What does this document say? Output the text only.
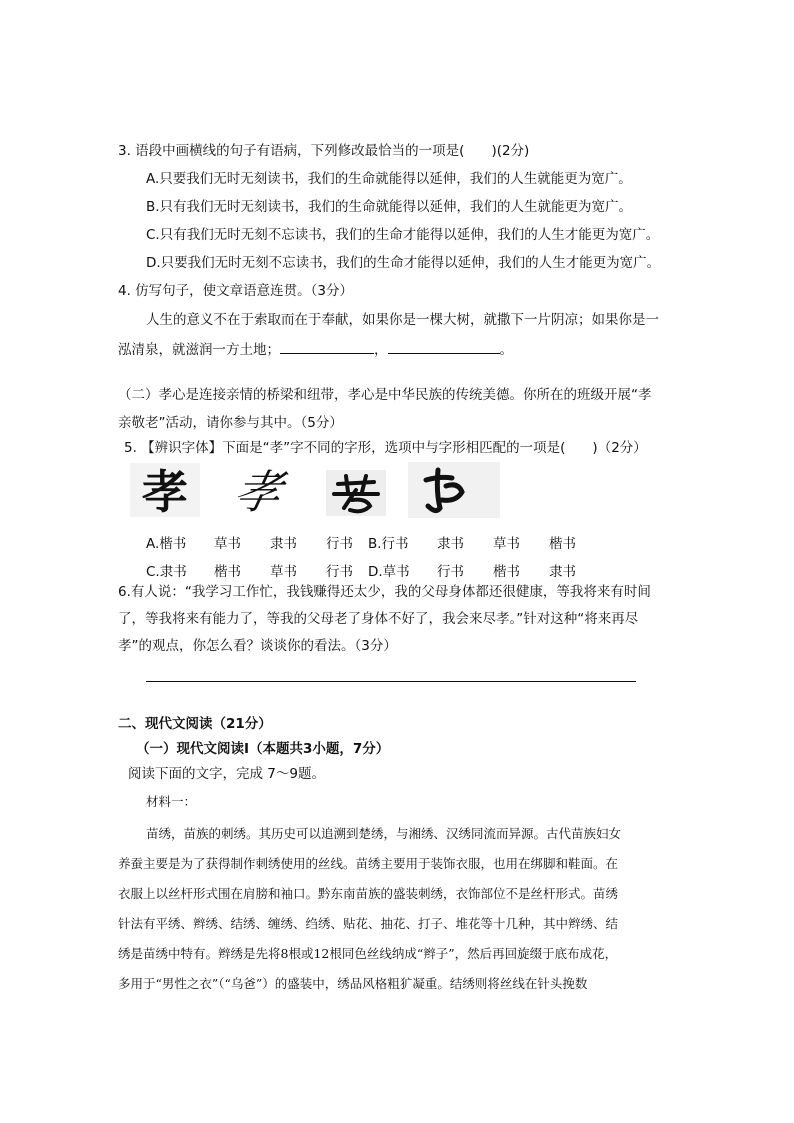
3. 语段中画横线的句子有语病，下列修改最恰当的一项是(　　)(2分)
A.只要我们无时无刻读书，我们的生命就能得以延伸，我们的人生就能更为宽广。
B.只有我们无时无刻读书，我们的生命就能得以延伸，我们的人生就能更为宽广。
C.只有我们无时无刻不忘读书，我们的生命才能得以延伸，我们的人生才能更为宽广。
D.只要我们无时无刻不忘读书，我们的生命才能得以延伸，我们的人生才能更为宽广。
4. 仿写句子，使文章语意连贯。（3分）
人生的意义不在于索取而在于奉献，如果你是一棵大树，就撒下一片阴凉；如果你是一
泓清泉，就滋润一方土地；	，	。
（二）孝心是连接亲情的桥梁和纽带，孝心是中华民族的传统美德。你所在的班级开展“孝
亲敬老”活动，请你参与其中。（5分）
5. 【辨识字体】下面是“孝”字不同的字形，选项中与字形相匹配的一项是(　　)（2分）
孝 孝
A.楷书 草书 隶书 行书 B.行书 隶书 草书 楷书
C.隶书 楷书 草书 行书 D.草书 行书 楷书 隶书
6.有人说：“我学习工作忙，我钱赚得还太少，我的父母身体都还很健康，等我将来有时间
了，等我将来有能力了，等我的父母老了身体不好了，我会来尽孝。”针对这种“将来再尽
孝”的观点，你怎么看？谈谈你的看法。（3分）
二、现代文阅读（21分）
（一）现代文阅读Ⅰ（本题共3小题，7分）
阅读下面的文字，完成 7～9题。
材料一：
苗绣，苗族的刺绣。其历史可以追溯到楚绣，与湘绣、汉绣同流而异源。古代苗族妇女
养蚕主要是为了获得制作刺绣使用的丝线。苗绣主要用于装饰衣服，也用在绑脚和鞋面。在
衣服上以丝杆形式围在肩膀和袖口。黔东南苗族的盛装刺绣，衣饰部位不是丝杆形式。苗绣
针法有平绣、辫绣、结绣、缠绣、绉绣、贴花、抽花、打子、堆花等十几种，其中辫绣、结
绣是苗绣中特有。辫绣是先将8根或12根同色丝线纳成“辫子”，然后再回旋缀于底布成花，
多用于“男性之衣”（“乌爸”）的盛装中，绣品风格粗犷凝重。结绣则将丝线在针头挽数
